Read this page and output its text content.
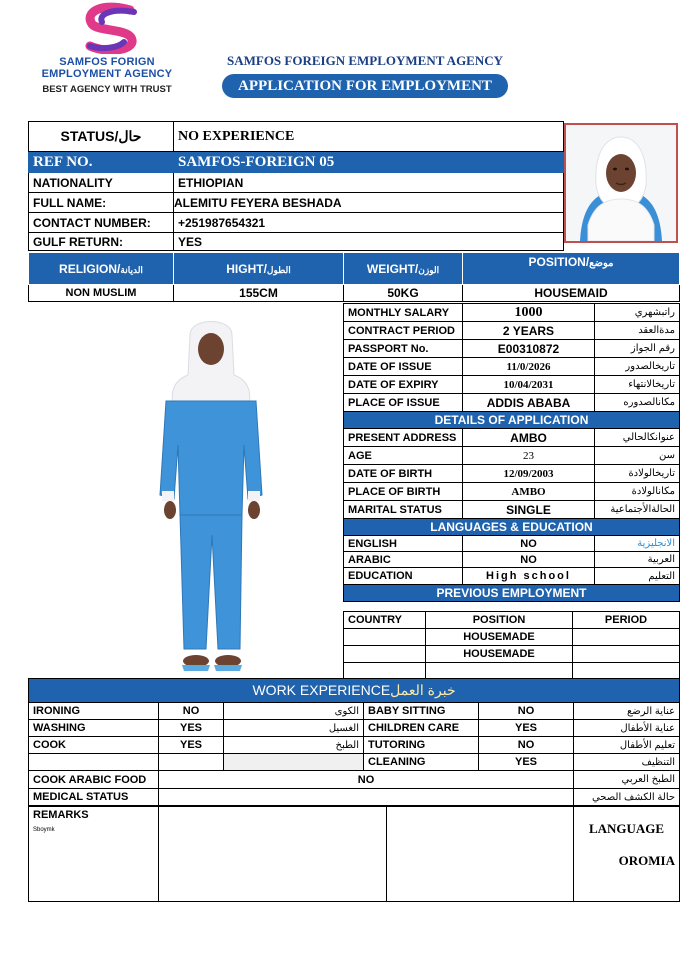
SAMFOS FORIGN
EMPLOYMENT AGENCY
BEST AGENCY WITH TRUST
SAMFOS FOREIGN EMPLOYMENT AGENCY
APPLICATION FOR EMPLOYMENT
STATUS/حال	NO EXPERIENCE
REF NO.	SAMFOS-FOREIGN 05
NATIONALITY	ETHIOPIAN
FULL NAME:	ALEMITU FEYERA BESHADA
CONTACT NUMBER:	+251987654321
GULF RETURN:	YES
RELIGION/الديانة	HIGHT/الطول	WEIGHT/الوزن	POSITION/موضع
NON MUSLIM	155CM	50KG	HOUSEMAID
MONTHLY SALARY	1000	راتبشهري
CONTRACT PERIOD	2 YEARS	مدةالعقد
PASSPORT No.	E00310872	رقم الجواز
DATE OF ISSUE	11/0/2026	تاريخالصدور
DATE OF EXPIRY	10/04/2031	تاريخالانتهاء
PLACE OF ISSUE	ADDIS ABABA	مكانالصدوره
DETAILS OF APPLICATION		
PRESENT ADDRESS	AMBO	عنوانكالحالي
AGE	23	سن
DATE OF BIRTH	12/09/2003	تاريخالولادة
PLACE OF BIRTH	AMBO	مكانالولادة
MARITAL STATUS	SINGLE	الحالةالأجتماعية
LANGUAGES & EDUCATION		
ENGLISH	NO	الانجليزية
ARABIC	NO	العربية
EDUCATION	High school	التعليم
PREVIOUS EMPLOYMENT		
COUNTRY	POSITION	PERIOD
	HOUSEMADE	
	HOUSEMADE	

WORK EXPERIENCEخبرة العمل					
IRONING	NO	الكوى	BABY SITTING	NO	عناية الرضع
WASHING	YES	الغسيل	CHILDREN CARE	YES	عناية الأطفال
COOK	YES	الطبخ	TUTORING	NO	تعليم الأطفال
			CLEANING	YES	التنظيف
COOK ARABIC FOOD	NO				الطبخ العربي
MEDICAL STATUS					حالة الكشف الصحي
REMARKS
Sboymk			LANGUAGE
OROMIA
